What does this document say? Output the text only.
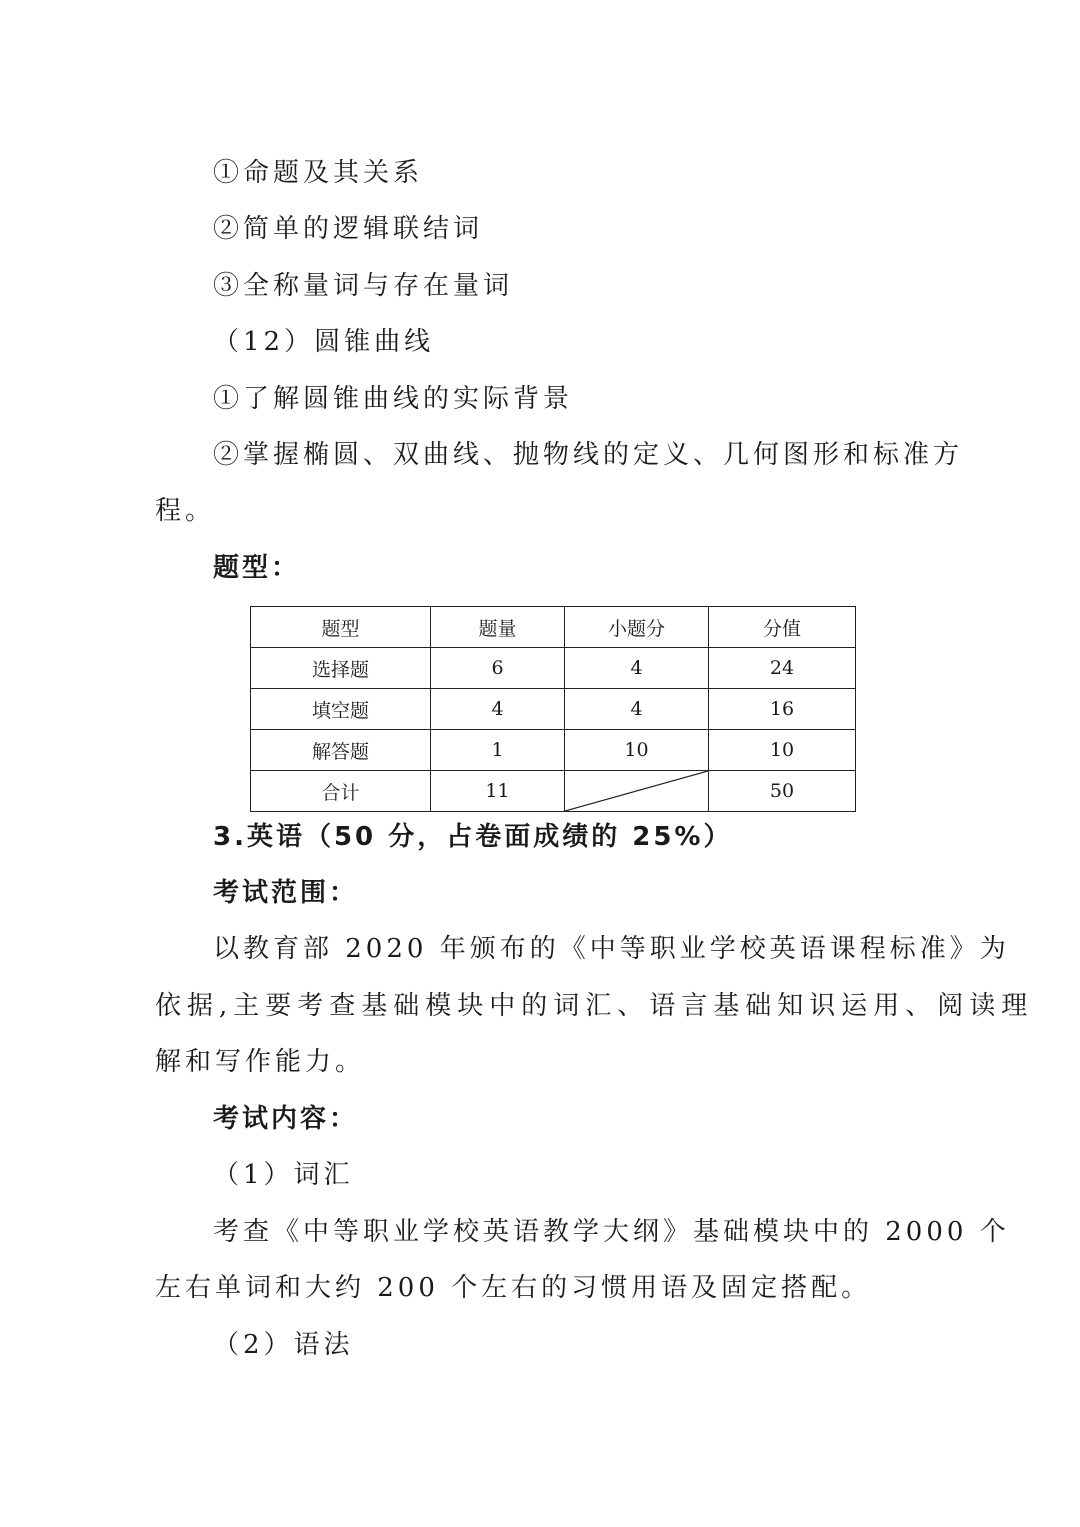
①命题及其关系
②简单的逻辑联结词
③全称量词与存在量词
（12）圆锥曲线
①了解圆锥曲线的实际背景
②掌握椭圆、双曲线、抛物线的定义、几何图形和标准方
程。
题型：
题型	题量	小题分	分值
选择题	6	4	24
填空题	4	4	16
解答题	1	10	10
合计	11		50
3.英语（50 分，占卷面成绩的 25%）
考试范围：
以教育部 2020 年颁布的《中等职业学校英语课程标准》为
依据,主要考查基础模块中的词汇、语言基础知识运用、阅读理
解和写作能力。
考试内容：
（1）词汇
考查《中等职业学校英语教学大纲》基础模块中的 2000 个
左右单词和大约 200 个左右的习惯用语及固定搭配。
（2）语法
